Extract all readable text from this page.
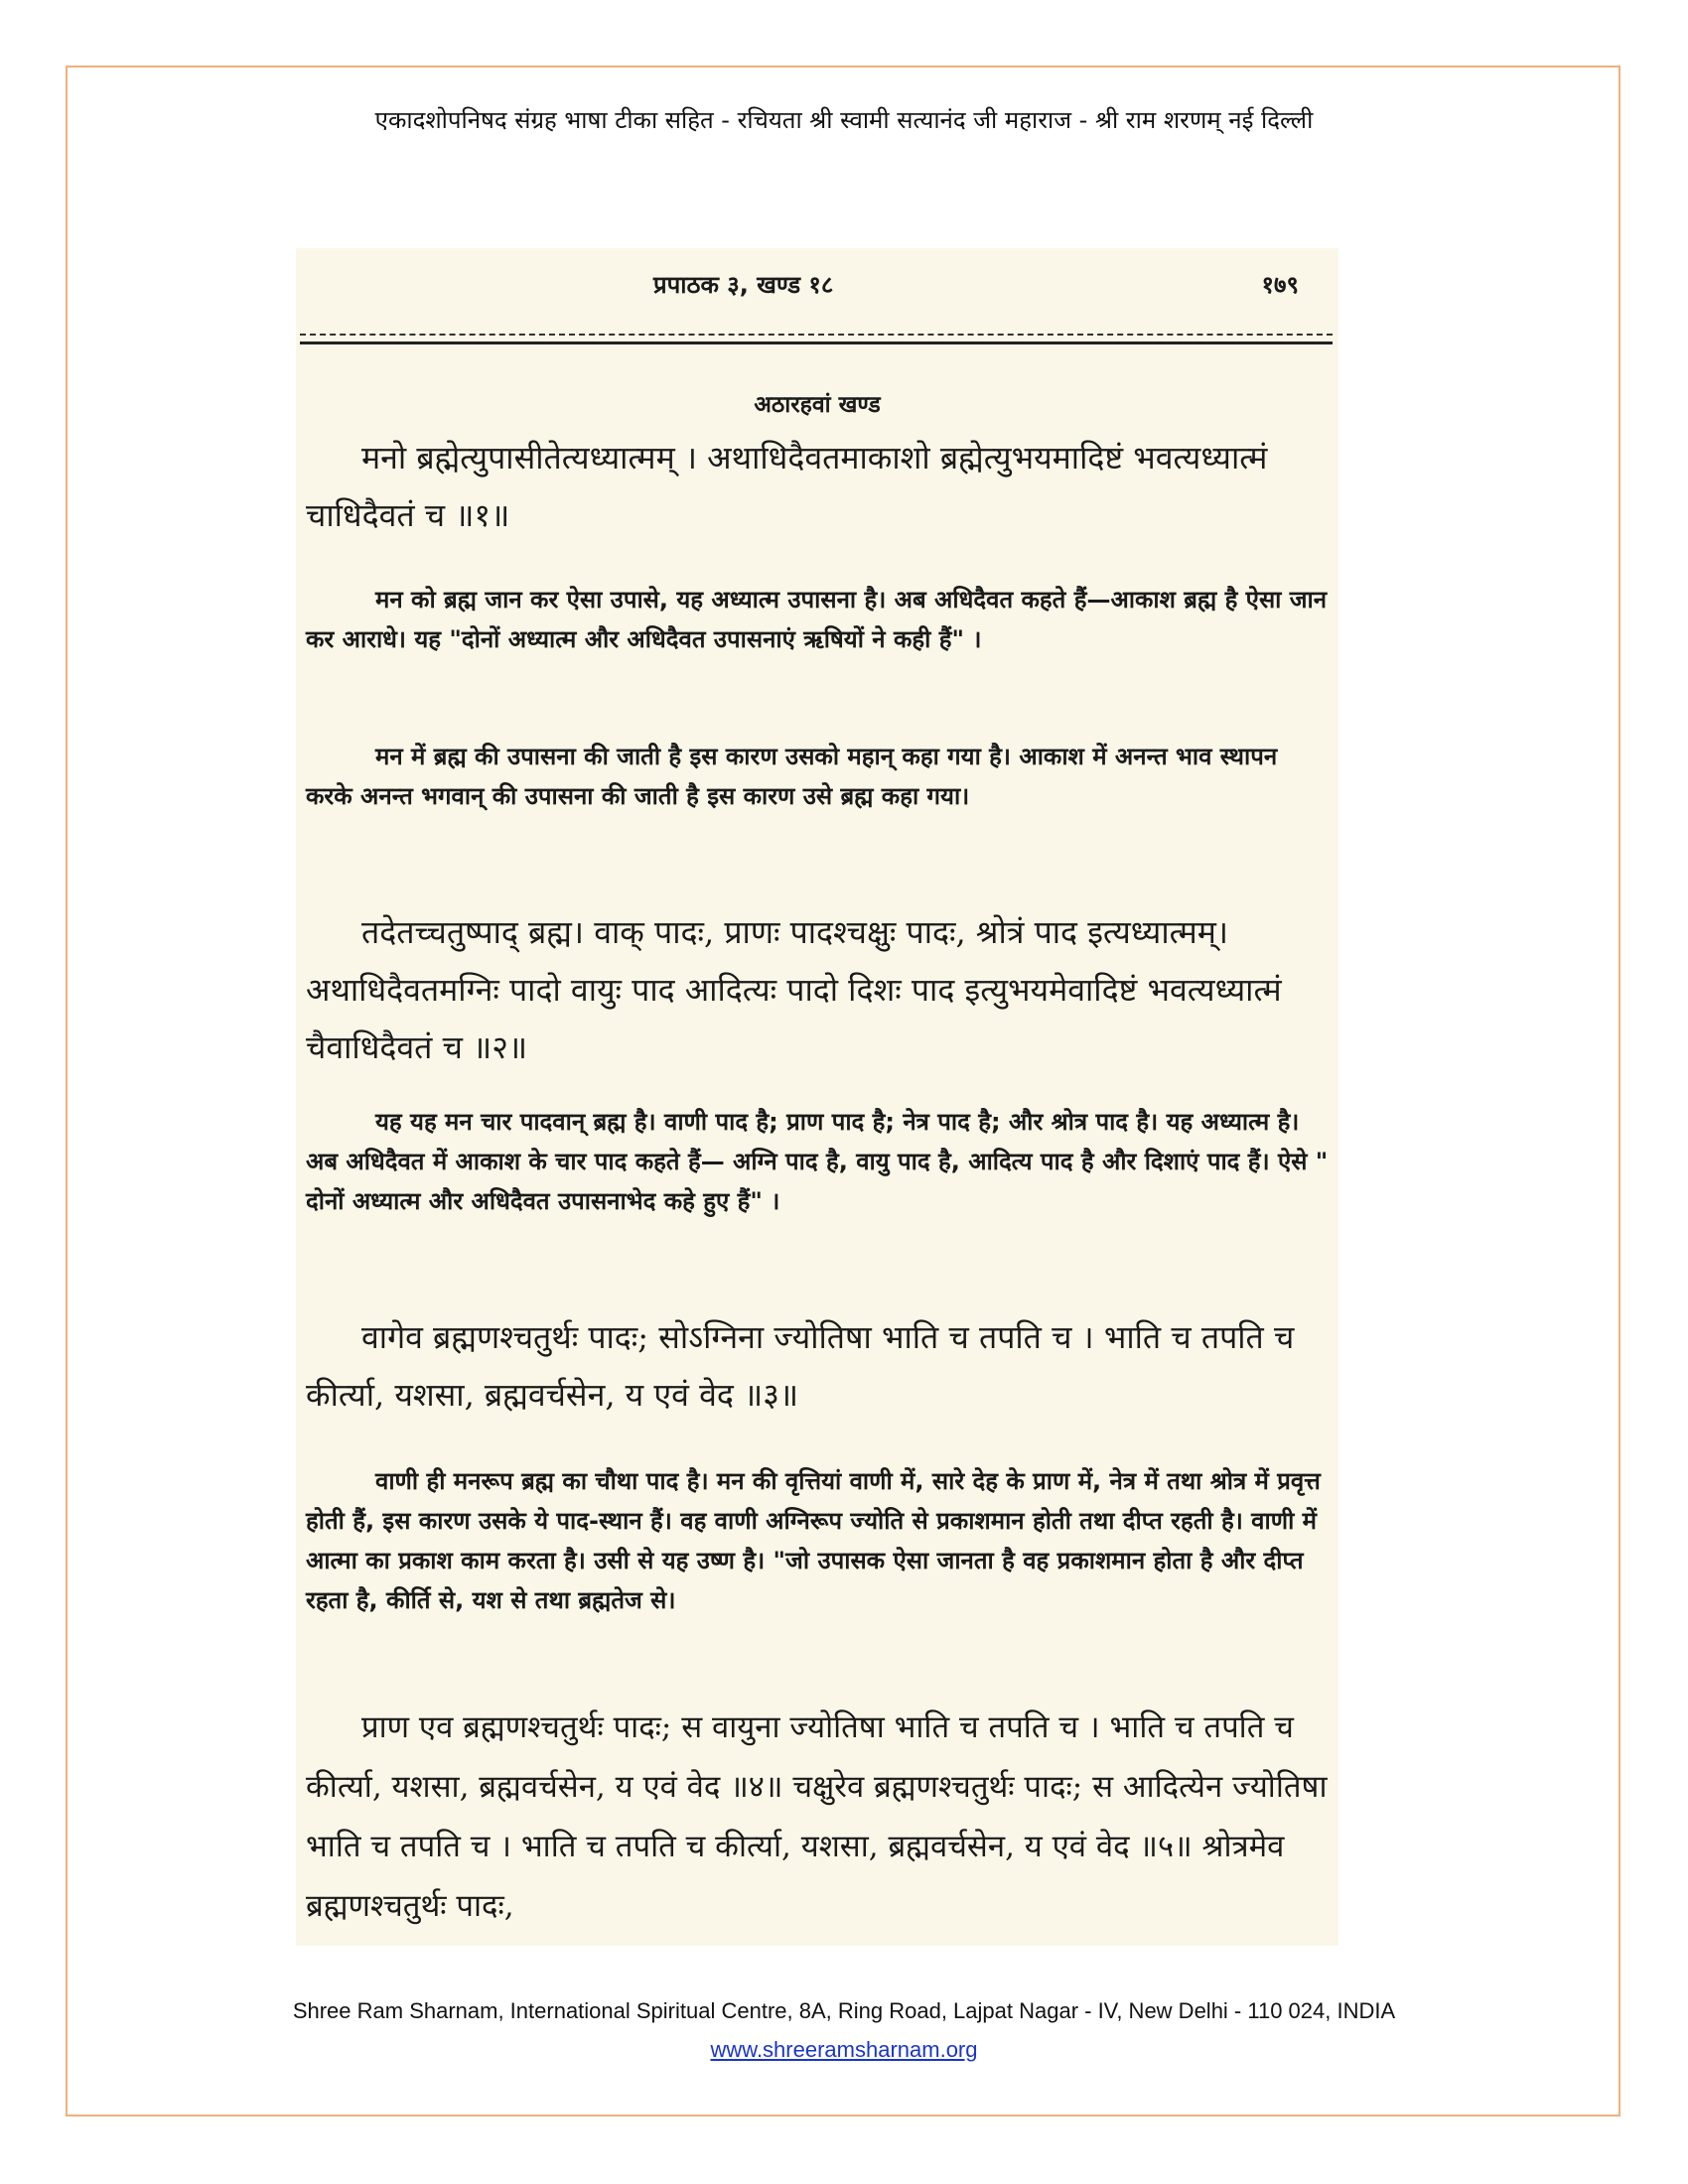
एकादशोपनिषद संग्रह भाषा टीका सहित - रचियता श्री स्वामी सत्यानंद जी महाराज - श्री राम शरणम् नई दिल्ली
प्रपाठक ३, खण्ड १८	१७९
अठारहवां खण्ड

मनो ब्रह्मेत्युपासीतेत्यध्यात्मम् । अथाधिदैवतमाकाशो ब्रह्मेत्युभयमादिष्टं भवत्यध्यात्मं चाधिदैवतं च ॥१॥

मन को ब्रह्म जान कर ऐसा उपासे, यह अध्यात्म उपासना है। अब अधिदैवत कहते हैं—आकाश ब्रह्म है ऐसा जान कर आराधे। यह "दोनों अध्यात्म और अधिदैवत उपासनाएं ऋषियों ने कही हैं" ।

मन में ब्रह्म की उपासना की जाती है इस कारण उसको महान् कहा गया है। आकाश में अनन्त भाव स्थापन करके अनन्त भगवान् की उपासना की जाती है इस कारण उसे ब्रह्म कहा गया।

तदेतच्चतुष्पाद् ब्रह्म। वाक् पादः, प्राणः पादश्चक्षुः पादः, श्रोत्रं पाद इत्यध्यात्मम्। अथाधिदैवतमग्निः पादो वायुः पाद आदित्यः पादो दिशः पाद इत्युभयमेवादिष्टं भवत्यध्यात्मं चैवाधिदैवतं च ॥२॥

यह यह मन चार पादवान् ब्रह्म है। वाणी पाद है; प्राण पाद है; नेत्र पाद है; और श्रोत्र पाद है। यह अध्यात्म है। अब अधिदैवत में आकाश के चार पाद कहते हैं— अग्नि पाद है, वायु पाद है, आदित्य पाद है और दिशाएं पाद हैं। ऐसे " दोनों अध्यात्म और अधिदैवत उपासनाभेद कहे हुए हैं" ।

वागेव ब्रह्मणश्चतुर्थः पादः; सोऽग्निना ज्योतिषा भाति च तपति च । भाति च तपति च कीर्त्या, यशसा, ब्रह्मवर्चसेन, य एवं वेद ॥३॥

वाणी ही मनरूप ब्रह्म का चौथा पाद है। मन की वृत्तियां वाणी में, सारे देह के प्राण में, नेत्र में तथा श्रोत्र में प्रवृत्त होती हैं, इस कारण उसके ये पाद-स्थान हैं। वह वाणी अग्निरूप ज्योति से प्रकाशमान होती तथा दीप्त रहती है। वाणी में आत्मा का प्रकाश काम करता है। उसी से यह उष्ण है। "जो उपासक ऐसा जानता है वह प्रकाशमान होता है और दीप्त रहता है, कीर्ति से, यश से तथा ब्रह्मतेज से।

प्राण एव ब्रह्मणश्चतुर्थः पादः; स वायुना ज्योतिषा भाति च तपति च । भाति च तपति च कीर्त्या, यशसा, ब्रह्मवर्चसेन, य एवं वेद ॥४॥ चक्षुरेव ब्रह्मणश्चतुर्थः पादः; स आदित्येन ज्योतिषा भाति च तपति च । भाति च तपति च कीर्त्या, यशसा, ब्रह्मवर्चसेन, य एवं वेद ॥५॥ श्रोत्रमेव ब्रह्मणश्चतुर्थः पादः,

Shree Ram Sharnam, International Spiritual Centre, 8A, Ring Road, Lajpat Nagar - IV, New Delhi - 110 024, INDIA
www.shreeramsharnam.org
